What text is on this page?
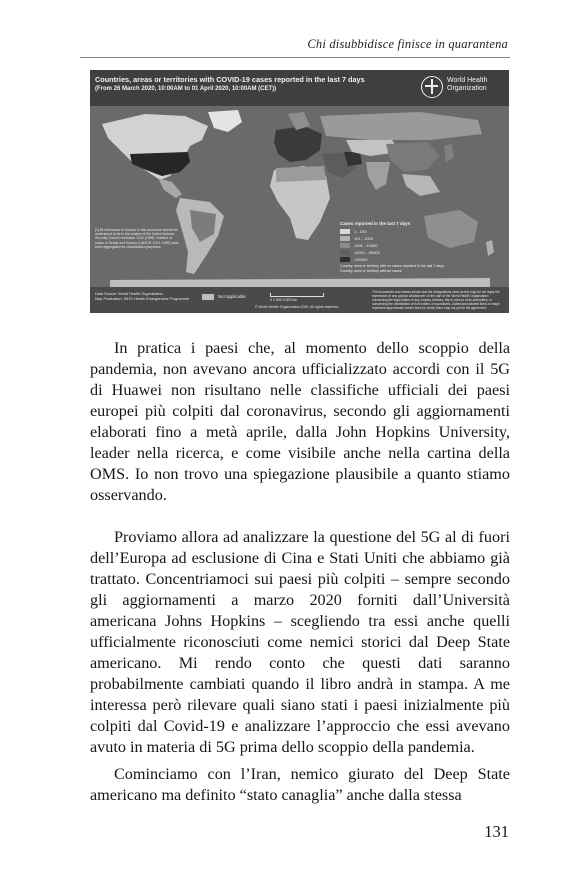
Chi disubbidisce finisce in quarantena
Countries, areas or territories with COVID-19 cases reported in the last 7 days
(From 26 March 2020, 10:00AM to 01 April 2020, 10:00AM (CET))
World Health Organization
[1] All references to Kosovo in this document should be understood to be in the context of the United Nations Security Council resolution 1244 (1999). Number of cases of Serbia and Kosovo (UNSCR 1244, 1999) have been aggregated for classification purposes.
Cases reported in the last 7 days
1 - 100
101 - 1000
1001 - 10000
10001 - 50000
>50000
Country, area or territory with no cases reported in the last 7 days
Country, area or territory without cases
Data Source: World Health Organization
Map Production: WHO Health Emergencies Programme	Not applicable
0 1,500 3,000 km
© World Health Organization 2020, All rights reserved.
The boundaries and names shown and the designations used on this map do not imply the expression of any opinion whatsoever on the part of the World Health Organization concerning the legal status of any country, territory, city or area or of its authorities, or concerning the delimitation of its frontiers or boundaries. Dotted and dashed lines on maps represent approximate border lines for which there may not yet be full agreement.

In pratica i paesi che, al momento dello scoppio della pandemia, non avevano ancora ufficializzato accordi con il 5G di Huawei non risultano nelle classifiche ufficiali dei paesi europei più colpiti dal coronavirus, secondo gli aggiornamenti elaborati fino a metà aprile, dalla John Hopkins University, leader nella ricerca, e come visibile anche nella cartina della OMS. Io non trovo una spiegazione plausibile a quanto stiamo osservando.

Proviamo allora ad analizzare la questione del 5G al di fuori dell’Europa ad esclusione di Cina e Stati Uniti che abbiamo già trattato. Concentriamoci sui paesi più colpiti – sempre secondo gli aggiornamenti a marzo 2020 forniti dall’Università americana Johns Hopkins – scegliendo tra essi anche quelli ufficialmente riconosciuti come nemici storici dal Deep State americano. Mi rendo conto che questi dati saranno probabilmente cambiati quando il libro andrà in stampa. A me interessa però rilevare quali siano stati i paesi inizialmente più colpiti dal Covid-19 e analizzare l’approccio che essi avevano avuto in materia di 5G prima dello scoppio della pandemia.

Cominciamo con l’Iran, nemico giurato del Deep State americano ma definito “stato canaglia” anche dalla stessa

131
